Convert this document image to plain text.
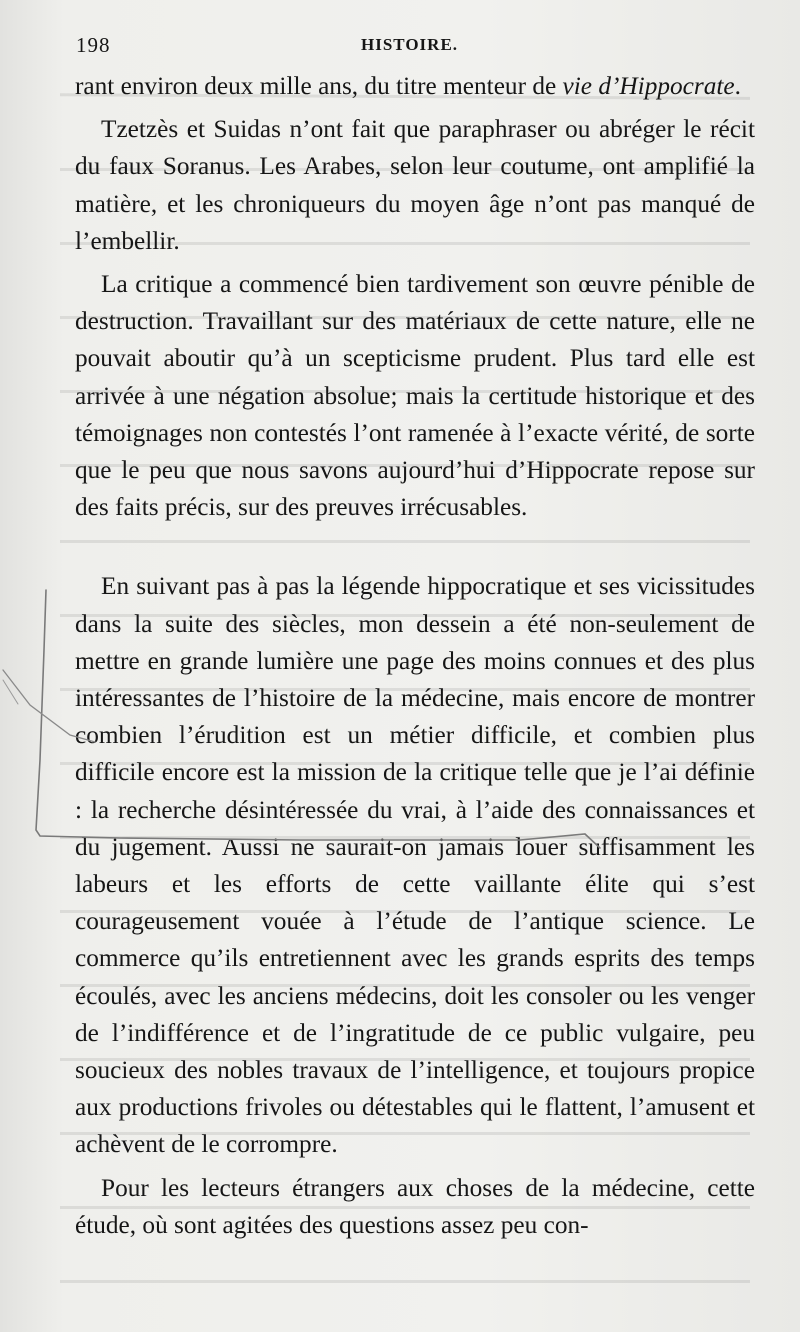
198	HISTOIRE.

rant environ deux mille ans, du titre menteur de vie d’Hippocrate.

Tzetzès et Suidas n’ont fait que paraphraser ou abréger le récit du faux Soranus. Les Arabes, selon leur coutume, ont amplifié la matière, et les chroniqueurs du moyen âge n’ont pas manqué de l’embellir.

La critique a commencé bien tardivement son œuvre pénible de destruction. Travaillant sur des matériaux de cette nature, elle ne pouvait aboutir qu’à un scepticisme prudent. Plus tard elle est arrivée à une négation absolue; mais la certitude historique et des témoignages non contestés l’ont ramenée à l’exacte vérité, de sorte que le peu que nous savons aujourd’hui d’Hippocrate repose sur des faits précis, sur des preuves irrécusables.

En suivant pas à pas la légende hippocratique et ses vicissitudes dans la suite des siècles, mon dessein a été non-seulement de mettre en grande lumière une page des moins connues et des plus intéressantes de l’histoire de la médecine, mais encore de montrer combien l’érudition est un métier difficile, et combien plus difficile encore est la mission de la critique telle que je l’ai définie : la recherche désintéressée du vrai, à l’aide des connaissances et du jugement. Aussi ne saurait-on jamais louer suffisamment les labeurs et les efforts de cette vaillante élite qui s’est courageusement vouée à l’étude de l’antique science. Le commerce qu’ils entretiennent avec les grands esprits des temps écoulés, avec les anciens médecins, doit les consoler ou les venger de l’indifférence et de l’ingratitude de ce public vulgaire, peu soucieux des nobles travaux de l’intelligence, et toujours propice aux productions frivoles ou détestables qui le flattent, l’amusent et achèvent de le corrompre.

Pour les lecteurs étrangers aux choses de la médecine, cette étude, où sont agitées des questions assez peu con-
